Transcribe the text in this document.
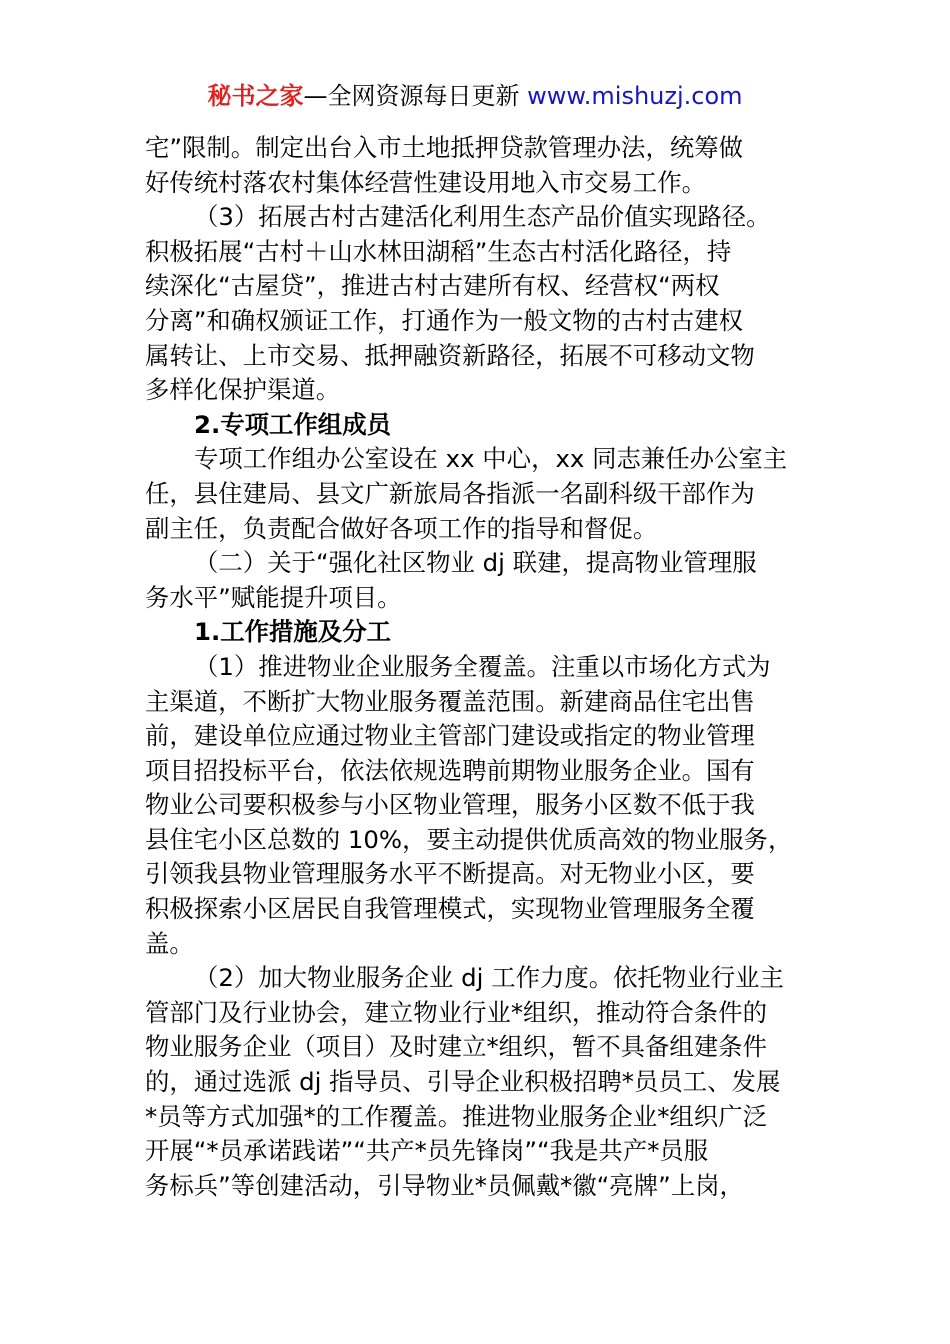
秘书之家—全网资源每日更新 www.mishuzj.com

宅”限制。制定出台入市土地抵押贷款管理办法，统筹做

好传统村落农村集体经营性建设用地入市交易工作。

（3）拓展古村古建活化利用生态产品价值实现路径。

积极拓展“古村＋山水林田湖稻”生态古村活化路径，持

续深化“古屋贷”，推进古村古建所有权、经营权“两权

分离”和确权颁证工作，打通作为一般文物的古村古建权

属转让、上市交易、抵押融资新路径，拓展不可移动文物

多样化保护渠道。

2.专项工作组成员

专项工作组办公室设在 xx 中心，xx 同志兼任办公室主

任，县住建局、县文广新旅局各指派一名副科级干部作为

副主任，负责配合做好各项工作的指导和督促。

（二）关于“强化社区物业 dj 联建，提高物业管理服

务水平”赋能提升项目。

1.工作措施及分工

（1）推进物业企业服务全覆盖。注重以市场化方式为

主渠道，不断扩大物业服务覆盖范围。新建商品住宅出售

前，建设单位应通过物业主管部门建设或指定的物业管理

项目招投标平台，依法依规选聘前期物业服务企业。国有

物业公司要积极参与小区物业管理，服务小区数不低于我

县住宅小区总数的 10%，要主动提供优质高效的物业服务，

引领我县物业管理服务水平不断提高。对无物业小区，要

积极探索小区居民自我管理模式，实现物业管理服务全覆

盖。

（2）加大物业服务企业 dj 工作力度。依托物业行业主

管部门及行业协会，建立物业行业*组织，推动符合条件的

物业服务企业（项目）及时建立*组织，暂不具备组建条件

的，通过选派 dj 指导员、引导企业积极招聘*员员工、发展

*员等方式加强*的工作覆盖。推进物业服务企业*组织广泛

开展“*员承诺践诺”“共产*员先锋岗”“我是共产*员服

务标兵”等创建活动，引导物业*员佩戴*徽“亮牌”上岗，
